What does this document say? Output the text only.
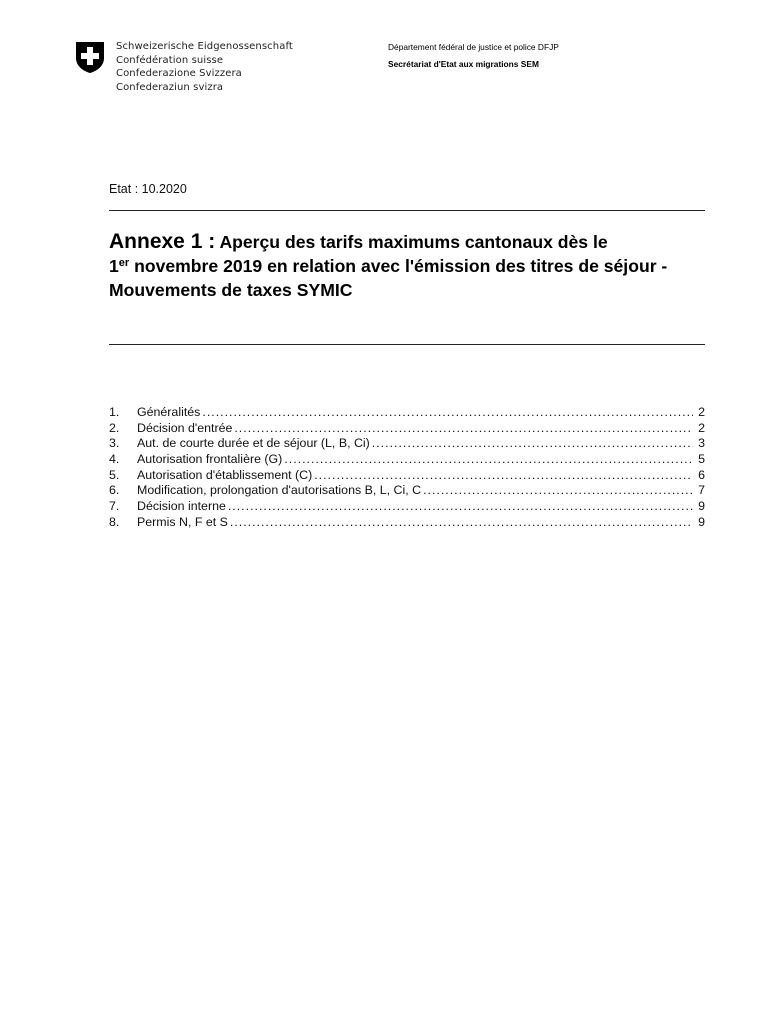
Schweizerische Eidgenossenschaft
Confédération suisse
Confederazione Svizzera
Confederaziun svizra
Département fédéral de justice et police DFJP
Secrétariat d'Etat aux migrations SEM
Etat : 10.2020
Annexe 1 : Aperçu des tarifs maximums cantonaux dès le
1er novembre 2019 en relation avec l'émission des titres de séjour - Mouvements de taxes SYMIC
1.	Généralités .....	2
2.	Décision d'entrée .....	2
3.	Aut. de courte durée et de séjour (L, B, Ci) .....	3
4.	Autorisation frontalière (G) .....	5
5.	Autorisation d'établissement (C) .....	6
6.	Modification, prolongation d'autorisations B, L, Ci, C .....	7
7.	Décision interne .....	9
8.	Permis N, F et S .....	9
